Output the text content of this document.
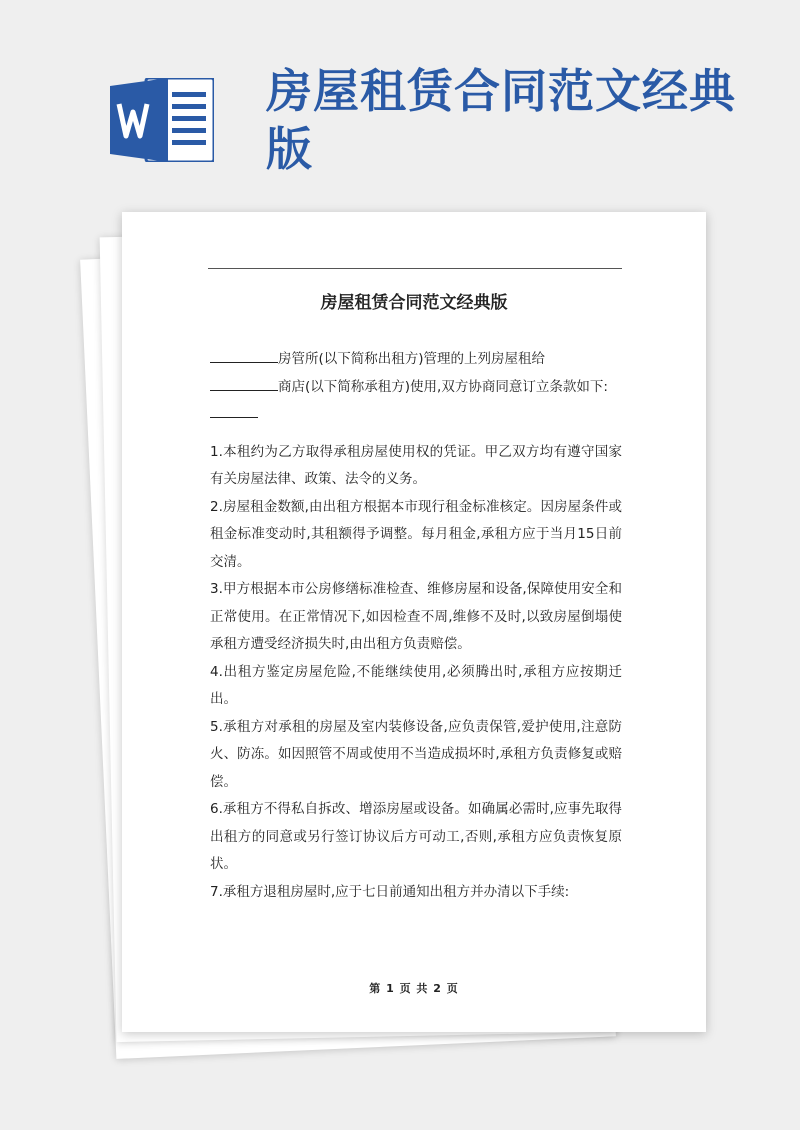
房屋租赁合同范文经典版
房屋租赁合同范文经典版

房管所(以下简称出租方)管理的上列房屋租给
商店(以下简称承租方)使用,双方协商同意订立条款如下:

1.本租约为乙方取得承租房屋使用权的凭证。甲乙双方均有遵守国家有关房屋法律、政策、法令的义务。

2.房屋租金数额,由出租方根据本市现行租金标准核定。因房屋条件或租金标准变动时,其租额得予调整。每月租金,承租方应于当月15日前交清。

3.甲方根据本市公房修缮标准检查、维修房屋和设备,保障使用安全和正常使用。在正常情况下,如因检查不周,维修不及时,以致房屋倒塌使承租方遭受经济损失时,由出租方负责赔偿。

4.出租方鉴定房屋危险,不能继续使用,必须腾出时,承租方应按期迁出。

5.承租方对承租的房屋及室内装修设备,应负责保管,爱护使用,注意防火、防冻。如因照管不周或使用不当造成损坏时,承租方负责修复或赔偿。

6.承租方不得私自拆改、增添房屋或设备。如确属必需时,应事先取得出租方的同意或另行签订协议后方可动工,否则,承租方应负责恢复原状。

7.承租方退租房屋时,应于七日前通知出租方并办清以下手续:

第 1 页 共 2 页
